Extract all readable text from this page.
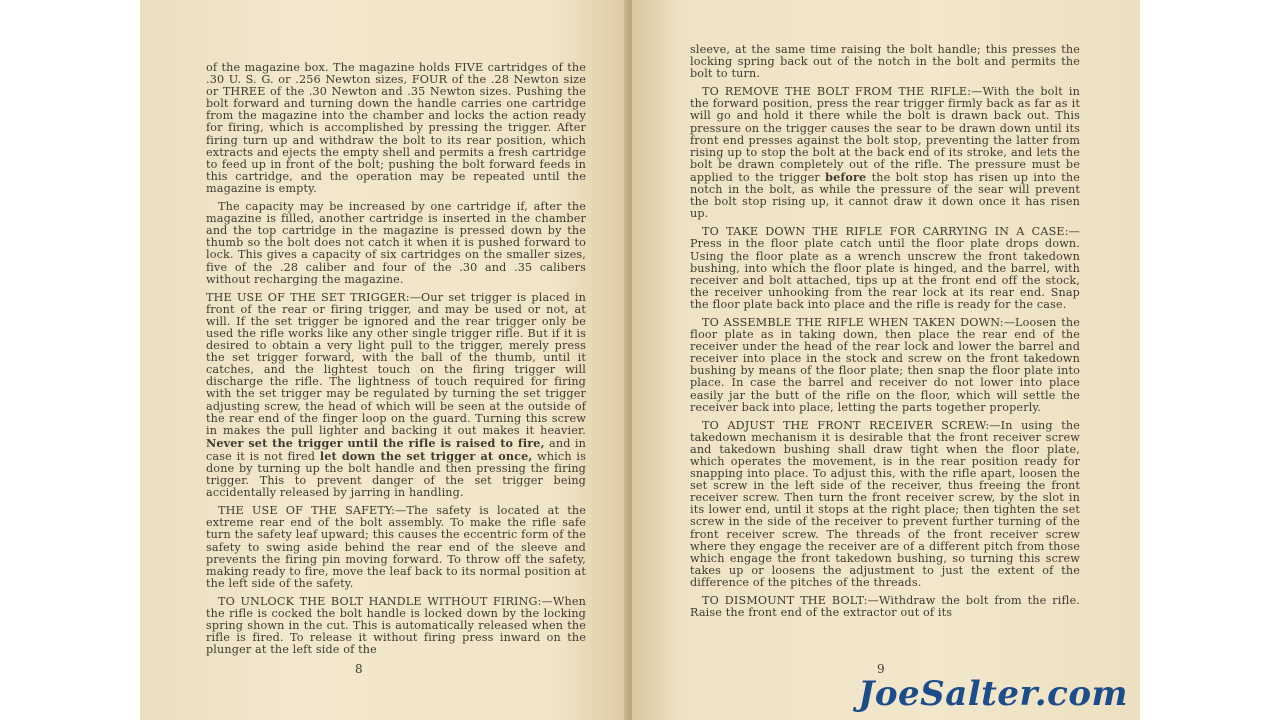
of the magazine box. The magazine holds FIVE cartridges of the .30 U. S. G. or .256 Newton sizes, FOUR of the .28 Newton size or THREE of the .30 Newton and .35 Newton sizes. Pushing the bolt forward and turning down the handle carries one cartridge from the magazine into the chamber and locks the action ready for firing, which is accomplished by pressing the trigger. After firing turn up and withdraw the bolt to its rear position, which extracts and ejects the empty shell and permits a fresh cartridge to feed up in front of the bolt; pushing the bolt forward feeds in this cartridge, and the operation may be repeated until the magazine is empty.

The capacity may be increased by one cartridge if, after the magazine is filled, another cartridge is inserted in the chamber and the top cartridge in the magazine is pressed down by the thumb so the bolt does not catch it when it is pushed forward to lock. This gives a capacity of six cartridges on the smaller sizes, five of the .28 caliber and four of the .30 and .35 calibers without recharging the magazine.

THE USE OF THE SET TRIGGER:—Our set trigger is placed in front of the rear or firing trigger, and may be used or not, at will. If the set trigger be ignored and the rear trigger only be used the rifle works like any other single trigger rifle. But if it is desired to obtain a very light pull to the trigger, merely press the set trigger forward, with the ball of the thumb, until it catches, and the lightest touch on the firing trigger will discharge the rifle. The lightness of touch required for firing with the set trigger may be regulated by turning the set trigger adjusting screw, the head of which will be seen at the outside of the rear end of the finger loop on the guard. Turning this screw in makes the pull lighter and backing it out makes it heavier. Never set the trigger until the rifle is raised to fire, and in case it is not fired let down the set trigger at once, which is done by turning up the bolt handle and then pressing the firing trigger. This to prevent danger of the set trigger being accidentally released by jarring in handling.

THE USE OF THE SAFETY:—The safety is located at the extreme rear end of the bolt assembly. To make the rifle safe turn the safety leaf upward; this causes the eccentric form of the safety to swing aside behind the rear end of the sleeve and prevents the firing pin moving forward. To throw off the safety, making ready to fire, move the leaf back to its normal position at the left side of the safety.

TO UNLOCK THE BOLT HANDLE WITHOUT FIRING:—When the rifle is cocked the bolt handle is locked down by the locking spring shown in the cut. This is automatically released when the rifle is fired. To release it without firing press inward on the plunger at the left side of the

8

sleeve, at the same time raising the bolt handle; this presses the locking spring back out of the notch in the bolt and permits the bolt to turn.

TO REMOVE THE BOLT FROM THE RIFLE:—With the bolt in the forward position, press the rear trigger firmly back as far as it will go and hold it there while the bolt is drawn back out. This pressure on the trigger causes the sear to be drawn down until its front end presses against the bolt stop, preventing the latter from rising up to stop the bolt at the back end of its stroke, and lets the bolt be drawn completely out of the rifle. The pressure must be applied to the trigger before the bolt stop has risen up into the notch in the bolt, as while the pressure of the sear will prevent the bolt stop rising up, it cannot draw it down once it has risen up.

TO TAKE DOWN THE RIFLE FOR CARRYING IN A CASE:—Press in the floor plate catch until the floor plate drops down. Using the floor plate as a wrench unscrew the front takedown bushing, into which the floor plate is hinged, and the barrel, with receiver and bolt attached, tips up at the front end off the stock, the receiver unhooking from the rear lock at its rear end. Snap the floor plate back into place and the rifle is ready for the case.

TO ASSEMBLE THE RIFLE WHEN TAKEN DOWN:—Loosen the floor plate as in taking down, then place the rear end of the receiver under the head of the rear lock and lower the barrel and receiver into place in the stock and screw on the front takedown bushing by means of the floor plate; then snap the floor plate into place. In case the barrel and receiver do not lower into place easily jar the butt of the rifle on the floor, which will settle the receiver back into place, letting the parts together properly.

TO ADJUST THE FRONT RECEIVER SCREW:—In using the takedown mechanism it is desirable that the front receiver screw and takedown bushing shall draw tight when the floor plate, which operates the movement, is in the rear position ready for snapping into place. To adjust this, with the rifle apart, loosen the set screw in the left side of the receiver, thus freeing the front receiver screw. Then turn the front receiver screw, by the slot in its lower end, until it stops at the right place; then tighten the set screw in the side of the receiver to prevent further turning of the front receiver screw. The threads of the front receiver screw where they engage the receiver are of a different pitch from those which engage the front takedown bushing, so turning this screw takes up or loosens the adjustment to just the extent of the difference of the pitches of the threads.

TO DISMOUNT THE BOLT:—Withdraw the bolt from the rifle. Raise the front end of the extractor out of its

9
JoeSalter.com
